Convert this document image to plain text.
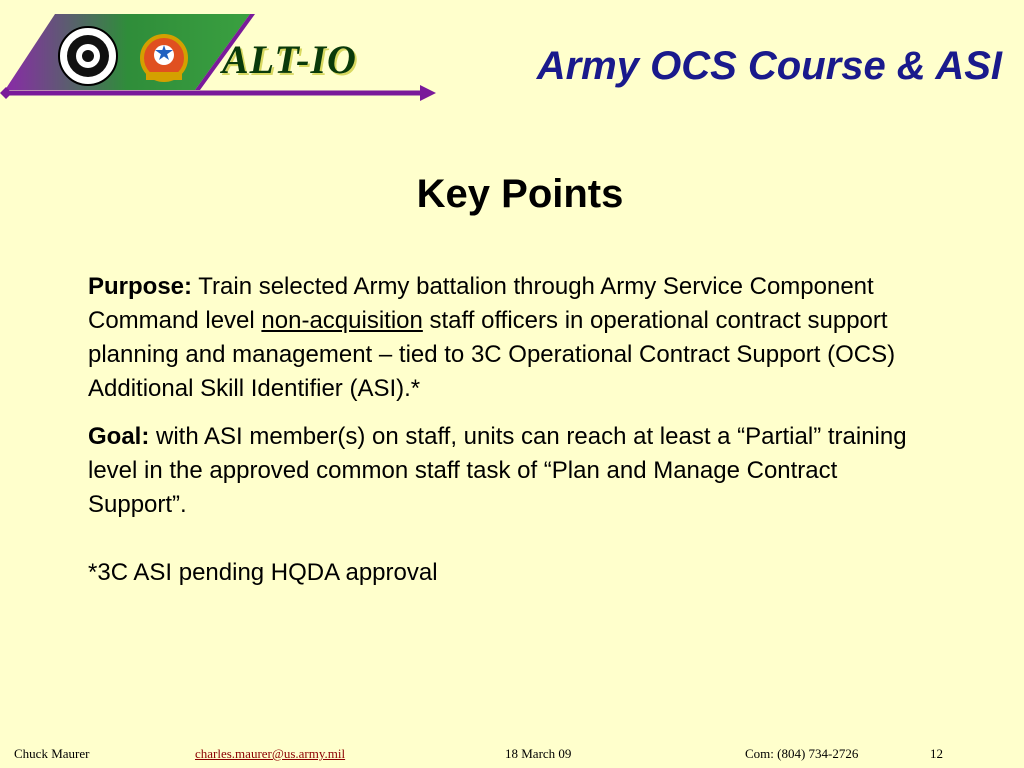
ALT-IO	Army OCS Course & ASI
Key Points

Purpose: Train selected Army battalion through Army Service Component Command level non-acquisition staff officers in operational contract support planning and management – tied to 3C Operational Contract Support (OCS) Additional Skill Identifier (ASI).*

Goal: with ASI member(s) on staff, units can reach at least a “Partial” training level in the approved common staff task of “Plan and Manage Contract Support”.

*3C ASI pending HQDA approval

Chuck Maurer	charles.maurer@us.army.mil	18 March 09	Com: (804) 734-2726	12
